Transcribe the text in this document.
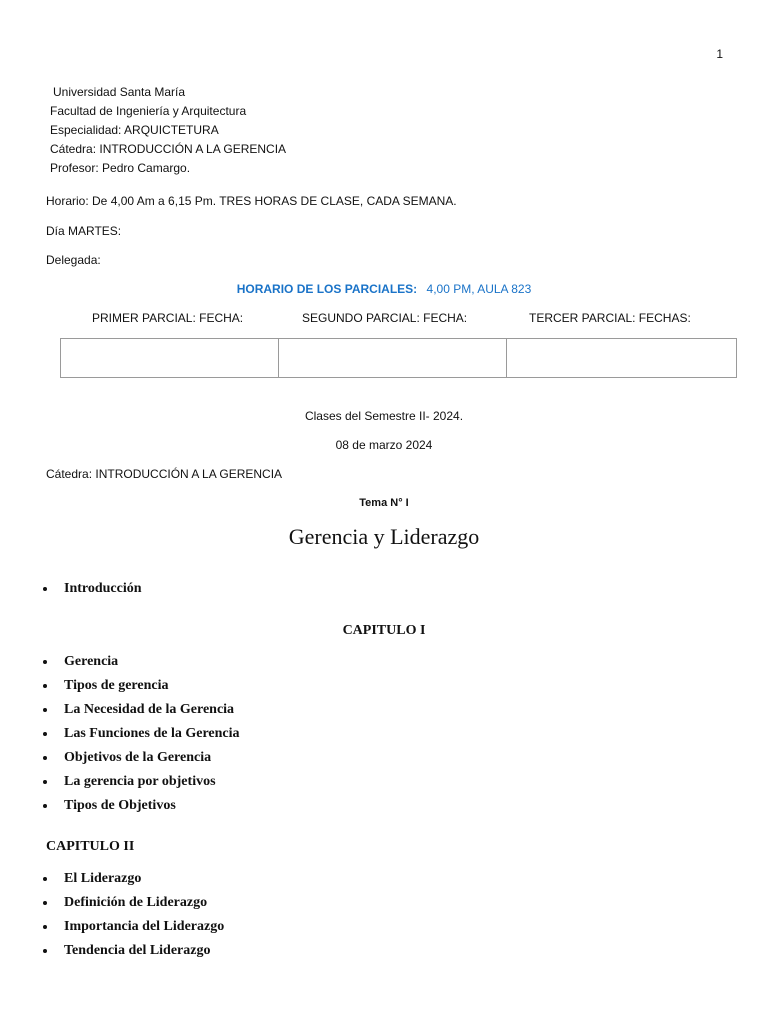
1
Universidad Santa María
Facultad de Ingeniería y Arquitectura
Especialidad: ARQUICTETURA
Cátedra: INTRODUCCIÓN A LA GERENCIA
Profesor: Pedro Camargo.
Horario: De 4,00 Am a 6,15 Pm. TRES HORAS DE CLASE, CADA SEMANA.
Día MARTES:
Delegada:
HORARIO DE LOS PARCIALES: 4,00 PM, AULA 823
PRIMER PARCIAL: FECHA:	SEGUNDO PARCIAL: FECHA:	TERCER PARCIAL: FECHAS:

Clases del Semestre II- 2024.
08 de marzo 2024
Cátedra: INTRODUCCIÓN A LA GERENCIA
Tema N° I
Gerencia y Liderazgo
Introducción
CAPITULO I
Gerencia
Tipos de gerencia
La Necesidad de la Gerencia
Las Funciones de la Gerencia
Objetivos de la Gerencia
La gerencia por objetivos
Tipos de Objetivos
CAPITULO II
El Liderazgo
Definición de Liderazgo
Importancia del Liderazgo
Tendencia del Liderazgo
